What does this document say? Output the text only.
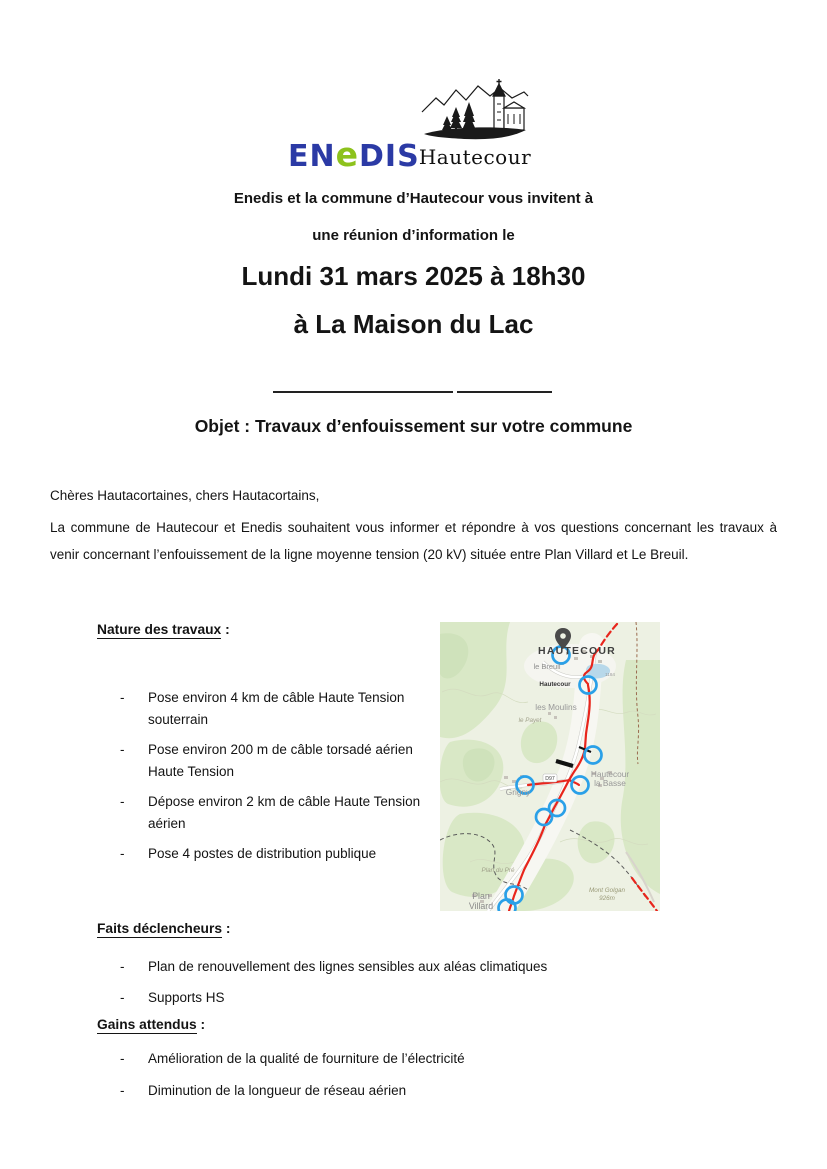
Hautecour
ENeDIS
Enedis et la commune d’Hautecour vous invitent à
une réunion d’information le
Lundi 31 mars 2025 à 18h30
à La Maison du Lac
Objet : Travaux d’enfouissement sur votre commune
Chères Hautacortaines, chers Hautacortains,
La commune de Hautecour et Enedis souhaitent vous informer et répondre à vos questions concernant les travaux à venir concernant l’enfouissement de la ligne moyenne tension (20 kV) située entre Plan Villard et Le Breuil.
Nature des travaux :
-	Pose environ 4 km de câble Haute Tension souterrain
-	Pose environ 200 m de câble torsadé aérien Haute Tension
-	Dépose environ 2 km de câble Haute Tension aérien
-	Pose 4 postes de distribution publique
D97
HAUTECOUR
le Breuil
Hautecour
les Moulins
le Payet
1184
Grigny
Hautecour
la Basse
Plan du Pré
Plan
Villard
Mont Golgan
926m
Faits déclencheurs :
-	Plan de renouvellement des lignes sensibles aux aléas climatiques
-	Supports HS
Gains attendus :
-	Amélioration de la qualité de fourniture de l’électricité
-	Diminution de la longueur de réseau aérien
